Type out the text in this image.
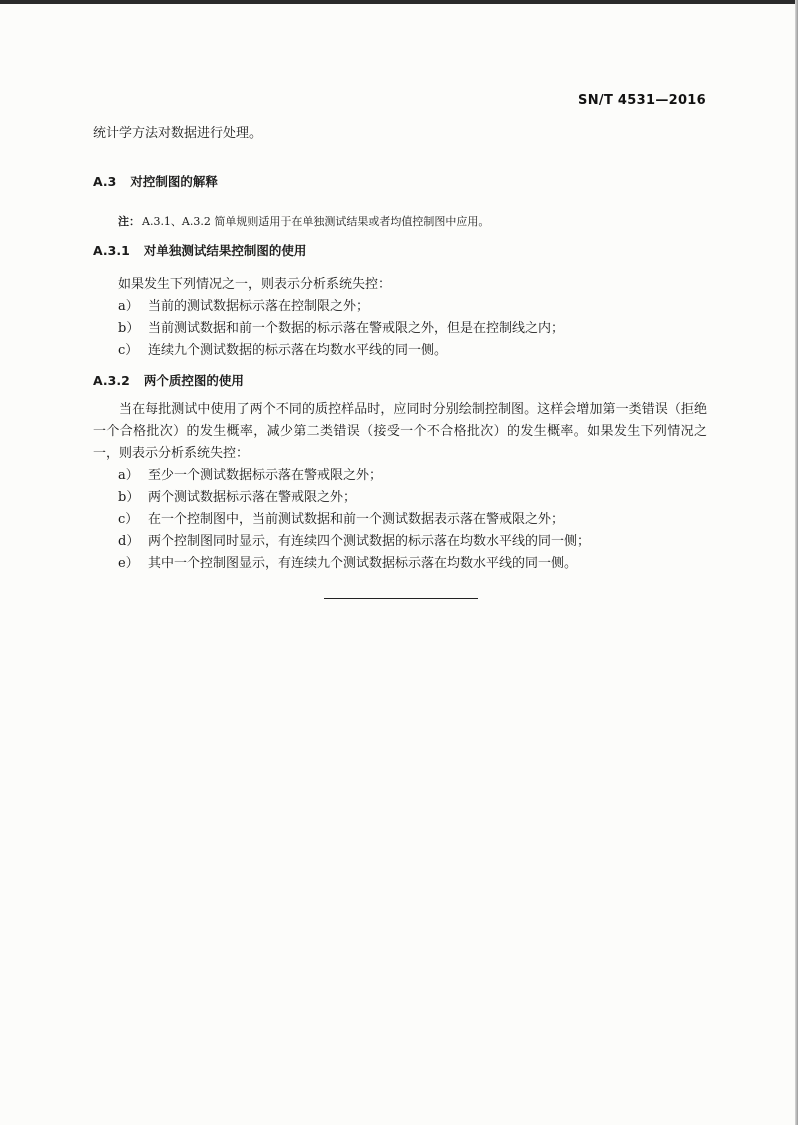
SN/T 4531—2016
统计学方法对数据进行处理。
A.3 对控制图的解释
注： A.3.1、A.3.2 简单规则适用于在单独测试结果或者均值控制图中应用。
A.3.1 对单独测试结果控制图的使用
如果发生下列情况之一，则表示分析系统失控：
a） 当前的测试数据标示落在控制限之外；
b） 当前测试数据和前一个数据的标示落在警戒限之外，但是在控制线之内；
c） 连续九个测试数据的标示落在均数水平线的同一侧。
A.3.2 两个质控图的使用
当在每批测试中使用了两个不同的质控样品时，应同时分别绘制控制图。这样会增加第一类错误（拒绝一个合格批次）的发生概率，减少第二类错误（接受一个不合格批次）的发生概率。如果发生下列情况之一，则表示分析系统失控：
a） 至少一个测试数据标示落在警戒限之外；
b） 两个测试数据标示落在警戒限之外；
c） 在一个控制图中，当前测试数据和前一个测试数据表示落在警戒限之外；
d） 两个控制图同时显示，有连续四个测试数据的标示落在均数水平线的同一侧；
e） 其中一个控制图显示，有连续九个测试数据标示落在均数水平线的同一侧。
